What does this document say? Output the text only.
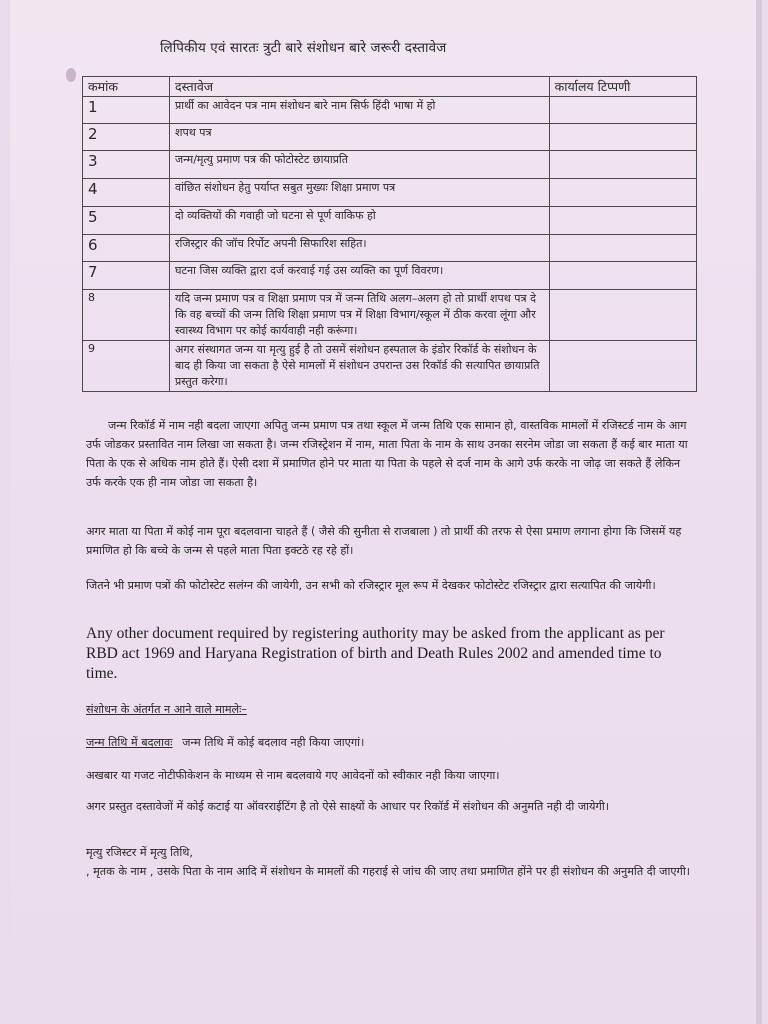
लिपिकीय एवं सारतः त्रुटी बारे संशोधन बारे जरूरी दस्तावेज
कमांक	दस्तावेज	कार्यालय टिप्पणी
1	प्रार्थी का आवेदन पत्र नाम संशोधन बारे नाम सिर्फ हिंदी भाषा में हो	
2	शपथ पत्र	
3	जन्म/मृत्यु प्रमाण पत्र की फोटोस्टेट छायाप्रति	
4	वांछित संशोधन हेतु पर्याप्त सबुत मुख्यः शिक्षा प्रमाण पत्र	
5	दो व्यक्तियों की गवाही जो घटना से पूर्ण वाकिफ हो	
6	रजिस्ट्रार की जॉच रिर्पोट अपनी सिफारिश सहित।	
7	घटना जिस व्यक्ति द्वारा दर्ज करवाई गई उस व्यक्ति का पूर्ण विवरण।	
8	यदि जन्म प्रमाण पत्र व शिक्षा प्रमाण पत्र में जन्म तिथि अलग–अलग हो तो प्रार्थी शपथ पत्र दे कि वह बच्चों की जन्म तिथि शिक्षा प्रमाण पत्र में शिक्षा विभाग/स्कूल में ठीक करवा लूंगा और स्वास्थ्य विभाग पर कोई कार्यवाही नही करूंगा।	
9	अगर संस्थागत जन्म या मृत्यु हुई है तो उसमें संशोधन हस्पताल के इंडोर रिकॉर्ड के संशोधन के बाद ही किया जा सकता है ऐसे मामलों में संशोधन उपरान्त उस रिकॉर्ड की सत्यापित छायाप्रति प्रस्तुत करेगा।	
जन्म रिकॉर्ड में नाम नही बदला जाएगा अपितु जन्म प्रमाण पत्र तथा स्कूल में जन्म तिथि एक सामान हो, वास्तविक मामलों में रजिस्टर्ड नाम के आग उर्फ जोडकर प्रस्तावित नाम लिखा जा सकता है। जन्म रजिस्ट्रेशन में नाम, माता पिता के नाम के साथ उनका सरनेम जोडा जा सकता हैं कई बार माता या पिता के एक से अधिक नाम होते हैं। ऐसी दशा में प्रमाणित होने पर माता या पिता के पहले से दर्ज नाम के आगे उर्फ करके ना जोढ़ जा सकते हैं लेकिन उर्फ करके एक ही नाम जोडा जा सकता है।
अगर माता या पिता में कोई नाम पूरा बदलवाना चाहते हैं ( जैसे की सुनीता से राजबाला ) तो प्रार्थी की तरफ से ऐसा प्रमाण लगाना होगा कि जिसमें यह प्रमाणित हो कि बच्चे के जन्म से पहले माता पिता इक्टठे रह रहे हों।
जितने भी प्रमाण पत्रों की फोटोस्टेट सलंग्न की जायेगी, उन सभी को रजिस्ट्रार मूल रूप में देखकर फोटोस्टेट रजिस्ट्रार द्वारा सत्यापित की जायेगी।
Any other document required by registering authority may be asked from the applicant as per RBD act 1969 and Haryana Registration of birth and Death Rules 2002 and amended time to time.
संशोधन के अंतर्गत न आने वाले मामलेः–
जन्म तिथि में बदलावः जन्म तिथि में कोई बदलाव नही किया जाएगां।
अखबार या गजट नोटीफीकेशन के माध्यम से नाम बदलवाये गए आवेदनों को स्वीकार नही किया जाएगा।
अगर प्रस्तुत दस्तावेजों में कोई कटाई या ऑवरराईटिंग है तो ऐसे साक्ष्यों के आधार पर रिकॉर्ड में संशोधन की अनुमति नही दी जायेगी।
मृत्यु रजिस्टर में मृत्यु तिथि,
, मृतक के नाम , उसके पिता के नाम आदि में संशोधन के मामलों की गहराई से जांच की जाए तथा प्रमाणित होंने पर ही संशोधन की अनुमति दी जाएगी।
